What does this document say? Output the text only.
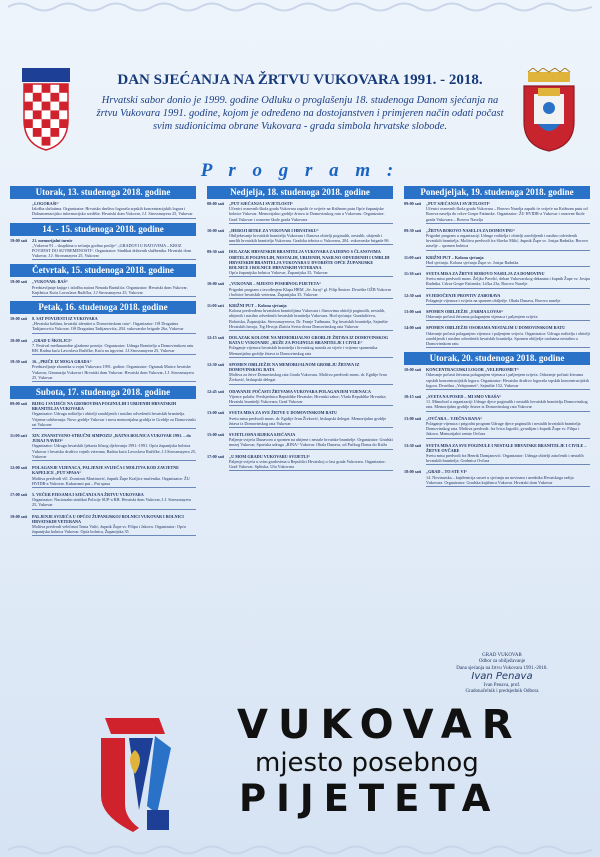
DAN SJEĆANJA NA ŽRTVU VUKOVARA 1991. - 2018.
Hrvatski sabor donio je 1999. godine Odluku o proglašenju 18. studenoga Danom sjećanja na žrtvu Vukovara 1991. godine, kojom je određeno na dostojanstven i primjeren način odati počast svim sudionicima obrane Vukovara - grada simbola hrvatske slobode.
P r o g r a m :
Utorak, 13. studenoga 2018. godine
„LOGORAŠI“
Izložba slušatima. Organizator: Hrvatsko društvo logoraša srpskih koncentracijskih logora i Dokumentacijsko informacijsko središte. Hrvatski dom Vukovar, J.J. Strossmayera 25, Vukovar
14. - 15. studenoga 2018. godine
19:00 sati	21. memorijalni turnir
„Vukovar 91 – skupština u sećanju godina poslije“ „GRADOVI U RATOVIMA – KROZ POVIJEST DO SUVREMENOSTI“. Organizator: Sindikat državnih službenika. Hrvatski dom Vukovar, J.J. Strossmayera 25, Vukovar
Četvrtak, 15. studenoga 2018. godine
19:00 sati	„VUKOVAR: BAŠ“
Predstavljanje knjige i izložba autora Nenada Bartulića. Organizator: Hrvatski dom Vukovar. Knjižnica Kuća Lavoslava Ružička, J.J Strossmayera 25, Vukovar
Petak, 16. studenoga 2018. godine
10:00 sati	8. SAT POVIJESTI IZ VUKOVARA
„Hrvatska baština, hrvatski identitet u Domovinskom ratu“. Organizator: OŠ Dragutina Tadijanovića Vukovar. OŠ Dragutina Tadijanovića, 204. vukovarske brigade 26a, Vukovar
18:00 sati	„GRAD U ŠKOLJCI“
7. Festival međunarodne glazbene poezije. Organizator: Udruga Branitelja u Domovinskom ratu RH. Radnu kuća Lavoslava Ružičke, Kuća na trgovini. J.J.Strossmayera 25, Vukovar
19:30 sati	16. „PRIČE IZ MOGA GRADA“
Predstavljanje zbornika u vojni Vukovara 1991. godine. Organizator: Ogranak Matice hrvatske Vukovar, Gimnazija Vukovar i Hrvatski dom Vukovar. Hrvatski dom Vukovar, J.J. Strossmayera 25, Vukovar
Subota, 17. studenoga 2018. godine
09:00 sati	BIJEG I SVIJEĆE NA GROBOVIMA POGINULIH I UBIJENIH HRVATSKIH BRANITELJA VUKOVARA
Organizator: Udruga roditelja i obitelji zarobljenih i nasilno odvedenih hrvatskih branitelja. Vrijeme održavanja: Novo groblje Vukovar i nova memorijalna groblja te Groblje za Domovinski rat Vukovar
11:00 sati	XIV. ZNANSTVENO-STRUČNI SIMPOZIJ „RATNA BOLNICA VUKOVAR 1991. – do JURAJ NAVRO“
Organizator: Udruga hrvatskih ljekaria ličnog djelovanja 1991.-1991. Opća županijska bolnica Vukovar i hrvatsko društvo vojnih veterana. Radnu kuća Lavoslava Ružičke, J.J.Strossmayera 25, Vukovar
12:00 sati	POLAGANJE VIJENACA, PALJENJE SVIJEĆA I MOLITVA KOD ZAVJETNE KAPELICE „PUT SPASA“
Molitva predvodi vlč. Zvonimir Martinović, župnik Župe Kraljice mučenika. Organizator: ŽU HVIDR-a Vukovar. Kukuruzni put – Put spasa
17:00 sati	5. VEČER PJESAMA I SJEĆANJA NA ŽRTVU VUKOVARA
Organizator: Nacionalni sindikat Policije SUP-a RH. Hrvatski dom Vukovar, J.J. Strossmayera 25, Vukovar
19:00 sati	PALJENJE SVIJEĆA U OPĆOJ ŽUPANIJSKOJ BOLNICI VUKOVAR I BOLNICI HRVATSKIH VETERANA
Molitva predvodi velečasni Toma Vulić, župnik Župe sv. Filipa i Jakova. Organizator: Opća županijska bolnica Vukovar. Opća bolnica, Županijska 35
Nedjelja, 18. studenoga 2018. godine
08:00 sati	„PUT SJEĆANJA I SVJETLOSTI“
Učenici osnovnih škola grada Vukovara zapalit će svijeće na Križnom putu Opće županijske bolnice Vukovar. Memorijalno groblje žrtava iz Domovinskog rata u Vukovaru. Organizator: Grad Vukovar i osnovne škole grada Vukovara
10:00 sati	„HEROJI BITKE ZA VUKOVAR I HRVATSKU“
Obilježavanje hrvatskih branitelja Vukovara i članova obitelji poginulih, nestalih, ubijenih i umrlih hrvatskih branitelja Vukovara. Gradska tržnica u Vukovaru, 204. vukovarske brigade 86
09:30 sati	DOLAZAK HRVATSKIH BRANITELJA VUKOVARA ZAJEDNO S ČLANOVIMA OBITELJI POGINULIH, NESTALIH, UBIJENIH, NASILNO ODVEDENIH I UMRLIH HRVATSKIH BRANITELJA VUKOVARA U DVORIŠTE OPĆE ŽUPANIJSKE BOLNICE I BOLNICE HRVATSKIH VETERANA
Opća županijska bolnica Vukovar, Županijska 35, Vukovar
10:00 sati	„VUKOVAR – MJESTO POSEBNOG PIJETETA“
Prigodni program s izvođenjem Klapa HRM „Sv. Juraj“ gl. Filip Šmicer. Dvorište OŽB Vukovar i bolnice hrvatskih veterana, Županijska 35, Vukovar
11:00 sati	KRIŽNI PUT – Kolona sjećanja
Kolona predvođena hrvatskim braniteljima Vukovara i članovima obitelji poginulih, nestalih, ubijenih i nasilno odvedenih hrvatskih branitelja Vukovara. Hod sjećanja: Gundulićeva, Bobotska, Županijska, Stressmayerova, Dr. Franje Tuđmana, Trg hrvatskih branitelja, Sajmište Hrvatskih heroja, Trg Hrvoja Zlatića Sveta dvora Domovinskog rata Vukovar
12:15 sati	DOLAZAK KOLONE NA MEMORIJALNO GROBLJE ŽRTAVA IZ DOMOVINSKOG RATA U VUKOVARU „RUŽE ZA POGINULE BRANITELJE I CIVILE“
Polaganje vijenaca hrvatskih branitelja i hrvatskog naroda za vijeće i vrijeme spomenika. Memorijalno groblje žrtava iz Domovinskog rata
12:30 sati	SPOMEN OBILJEŽJE NA MEMORIJALNOM GROBLJU ŽRTAVA IZ DOMOVINSKOG RATA
Molitva za žrtve Domovinskog rata Grada Vukovara. Molitvu predvodi mons. dr. Egidije Ivan Živković, biskupski delegat
12:45 sati	ODAVANJE POČASTI ŽRTVAMA VUKOVARA POLAGANJEM VIJENACA
Vijence polažu: Predsjednica Republike Hrvatske; Hrvatski sabor; Vlada Republike Hrvatske; Hrvatski branitelji Vukovara; Grad Vukovar
13:00 sati	SVETA MISA ZA SVE ŽRTVE U DOMOVINSKOM RATU
Svetu misu predvodi mons. dr. Egidije Ivan Živković, biskupski delegat. Memorijalno groblje žrtava iz Domovinskog rata Vukovar
15:00 sati	SVJETLOSNA RIJEKA SJEĆANJA
Paljenje svijeća Dunavom u spomen na ubijene i nestale hrvatske branitelje. Organizator: Gradski muzej Vukovar, Sportska udruga „RINA“ Vukovar. Obala Dunava, od Pučkog Doma do Križa
17:00 sati	„U MOM GRADU VUKOVARU SVIJETLI“
Paljenje svijeća u svim gradovima u Republici Hrvatskoj u čast grada Vukovara. Organizator: Grad Vukovar. Splitska, Uša Vukovara
Ponedjeljak, 19. studenoga 2018. godine
09:00 sati	„PUT SJEĆANJA I SVJETLOSTI“
Učenici osnovnih škola grada Vukovara – Borovo Naselja zapalit će svijeće na Križnom putu od Borova naselja do crkve Gospe Fatimske. Organizator: ŽU HVIDR-a Vukovar i osnovne škole grada Vukovara – Borovo Naselja
09:30 sati	„ŽRTVA BOROVO NASELJA ZA DOMOVINU“
Prigodni program u organizaciji Udruge roditelja i obitelji zarobljenih i nasilno odvedenih hrvatskih branitelja. Molitva predvodi fra Slavko Milić, župnik Župe sv. Josipa Radnika. Borovo naselje – spomen bolnica
11:00 sati	KRIŽNI PUT – Kolona sjećanja
Hod sjećanja. Kolona sjećanja Župe sv. Josipa Radnika
11:30 sati	SVETA MISA ZA ŽRTVE BOROVO NASELJA ZA DOMOVINU
Svetu misu predvodi mons. Željko Pavelić, dekan Vukovarskog dekanata i župnik Župe sv. Josipa Radnika. Crkva Gospe Fatimske, Lička 23a, Borovo Naselje
12:30 sati	SVJEDOČENJE PRONTIV ZABORAVA
Polaganje vijenaca i svijeća na spomen obilježje. Obala Dunava, Borovo naselje
13:00 sati	SPOMEN OBILJEŽJE „FARMA LOVAS“
Odavanje počasti žrtvama polaganjem vijenaca i paljenjem svijeća
14:00 sati	SPOMEN OBILJEŽJE OSOBAMA NESTALIM U DOMOVINSKOM RATU
Odavanje počasti polaganjem vijenaca i paljenjem svijeća. Organizator: Udruga roditelja i obitelji zarobljenih i nasilno odvedenih hrvatskih branitelja. Spomen obilježje osobama nestalim u Domovinskom ratu
Utorak, 20. studenoga 2018. godine
10:00 sati	KONCENTRACIJSKI LOGOR „VELEPROMET“
Odavanje počasti žrtvama polaganjem vijenaca i paljenjem svijeća. Odavanje počasti žrtvama srpskih koncentracijskih logora. Organizator: Hrvatsko društvo logoraša srpskih koncentracijskih logora. Dvorišna „Velepromet“, Sajmište 152, Vukovar
10:15 sati	„SVETA NA POSED – MI SMO VRAŠA“
11. Mimohod u organizaciji Udruge djece poginulih i nestalih hrvatskih branitelja Domovinskog rata. Memorijalno groblje žrtava iz Domovinskog rata Vukovar
13:00 sati	„OVČARA – VJEČNA RANA“
Polaganje vijenaca i prigodni program Udruge djece poginulih i nestalih hrvatskih branitelja Domovinskog rata. Molitva predvodi: fra Ivica Jagodić, gvardijan i župnik Župe sv. Filipa i Jakova. Memorijalni centar Ovčara
13:30 sati	SVETA MISA ZA SVE POGINULE I NESTALE HRVATSKE BRANITELJE I CIVILE – ŽRTVE OVČARE
Svetu misu predvodi fra Henrik Damjanović. Organizator: Udruga obitelji zatočenih i nestalih hrvatskih branitelja. Grobnica Ovčara
18:00 sati	„GRAD – TO STE VI“
14. Novinarska – knjiženicija susret u sjećanju na novinara i urednika Hrvatskoga radija Vukovara. Organizator: Gradska knjižnica Vukovar. Hrvatski dom Vukovar
GRAD VUKOVAR
Odbor za obilježavanje
Dana sjećanja na žrtvu Vukovara 1991.-2018.
Ivan Penava
Ivan Penava, prof.
Gradonačelnik i predsjednik Odbora
VUKOVAR
mjesto posebnog
PIJETETA
